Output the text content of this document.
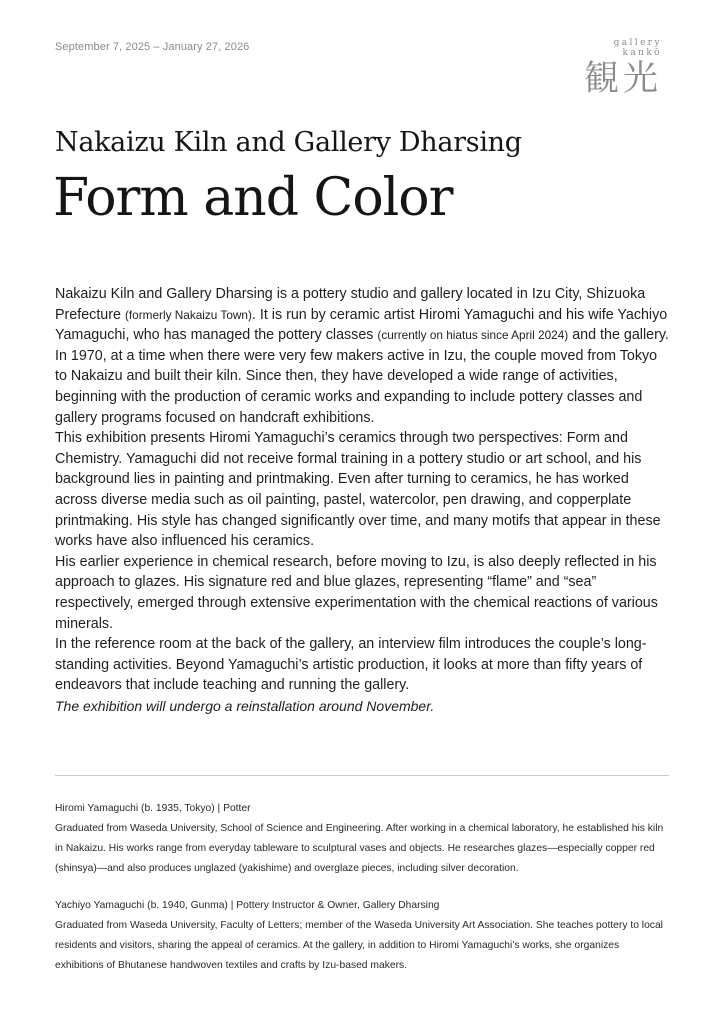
September 7, 2025 – January 27, 2026	gallery kankō
観光
Nakaizu Kiln and Gallery Dharsing
Form and Color

Nakaizu Kiln and Gallery Dharsing is a pottery studio and gallery located in Izu City, Shizuoka Prefecture (formerly Nakaizu Town). It is run by ceramic artist Hiromi Yamaguchi and his wife Yachiyo Yamaguchi, who has managed the pottery classes (currently on hiatus since April 2024) and the gallery. In 1970, at a time when there were very few makers active in Izu, the couple moved from Tokyo to Nakaizu and built their kiln. Since then, they have developed a wide range of activities, beginning with the production of ceramic works and expanding to include pottery classes and gallery programs focused on handcraft exhibitions.

This exhibition presents Hiromi Yamaguchi’s ceramics through two perspectives: Form and Chemistry. Yamaguchi did not receive formal training in a pottery studio or art school, and his background lies in painting and printmaking. Even after turning to ceramics, he has worked across diverse media such as oil painting, pastel, watercolor, pen drawing, and copperplate printmaking. His style has changed significantly over time, and many motifs that appear in these works have also influenced his ceramics.

His earlier experience in chemical research, before moving to Izu, is also deeply reflected in his approach to glazes. His signature red and blue glazes, representing “flame” and “sea” respectively, emerged through extensive experimentation with the chemical reactions of various minerals.

In the reference room at the back of the gallery, an interview film introduces the couple’s long-standing activities. Beyond Yamaguchi’s artistic production, it looks at more than fifty years of endeavors that include teaching and running the gallery.

The exhibition will undergo a reinstallation around November.

Hiromi Yamaguchi (b. 1935, Tokyo) | Potter

Graduated from Waseda University, School of Science and Engineering. After working in a chemical laboratory, he established his kiln in Nakaizu. His works range from everyday tableware to sculptural vases and objects. He researches glazes—especially copper red (shinsya)—and also produces unglazed (yakishime) and overglaze pieces, including silver decoration.

Yachiyo Yamaguchi (b. 1940, Gunma) | Pottery Instructor & Owner, Gallery Dharsing

Graduated from Waseda University, Faculty of Letters; member of the Waseda University Art Association. She teaches pottery to local residents and visitors, sharing the appeal of ceramics. At the gallery, in addition to Hiromi Yamaguchi’s works, she organizes exhibitions of Bhutanese handwoven textiles and crafts by Izu-based makers.
